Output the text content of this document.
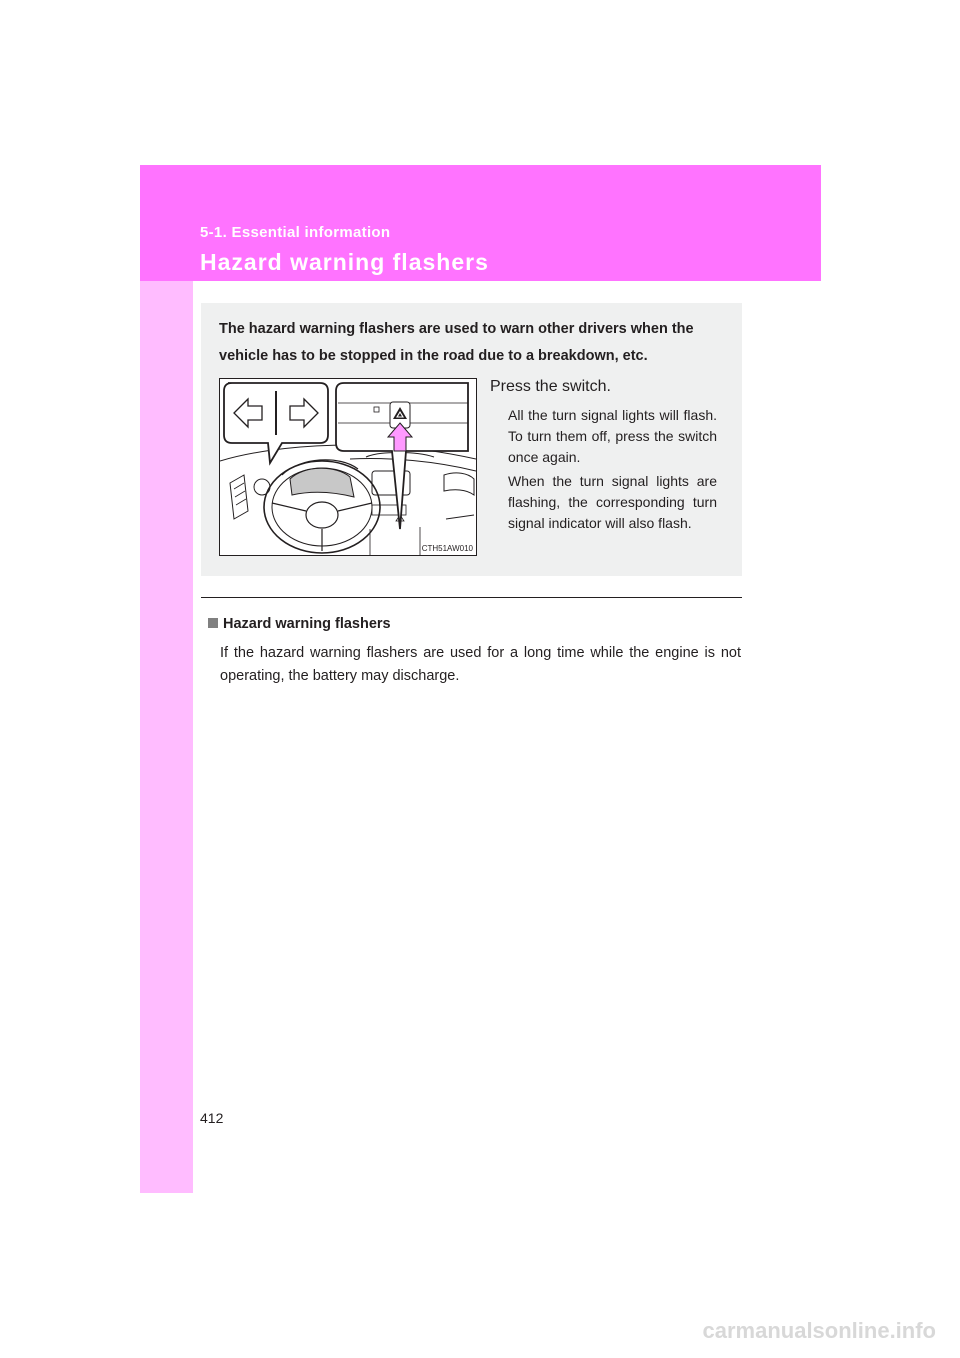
5-1. Essential information
Hazard warning flashers
The hazard warning flashers are used to warn other drivers when the vehicle has to be stopped in the road due to a breakdown, etc.
CTH51AW010
Press the switch.
All the turn signal lights will flash. To turn them off, press the switch once again.
When the turn signal lights are flashing, the corresponding turn signal indicator will also flash.
Hazard warning flashers
If the hazard warning flashers are used for a long time while the engine is not operating, the battery may discharge.
412
carmanualsonline.info
